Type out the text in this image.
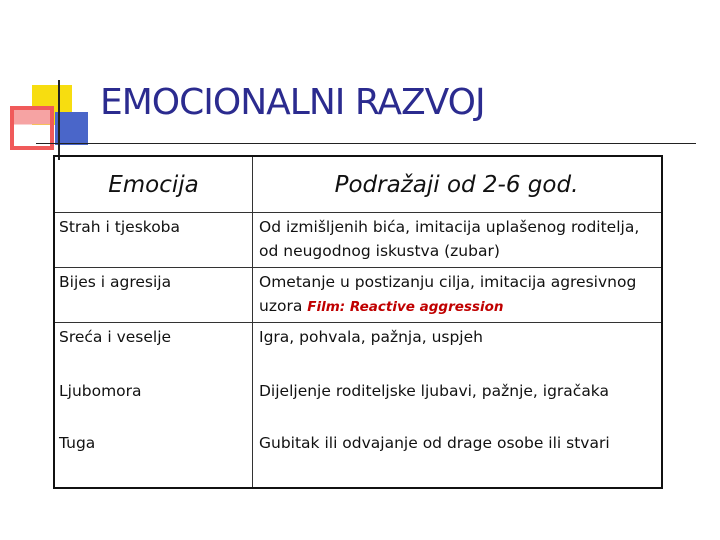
EMOCIONALNI RAZVOJ
Emocija	Podražaji od 2-6 god.
Strah i tjeskoba	Od izmišljenih bića, imitacija uplašenog roditelja, od neugodnog iskustva (zubar)
Bijes i agresija	Ometanje u postizanju cilja, imitacija agresivnog uzora Film: Reactive aggression
Sreća i veselje	Igra, pohvala, pažnja, uspjeh
Ljubomora	Dijeljenje roditeljske ljubavi, pažnje, igračaka
Tuga	Gubitak ili odvajanje od drage osobe ili stvari
